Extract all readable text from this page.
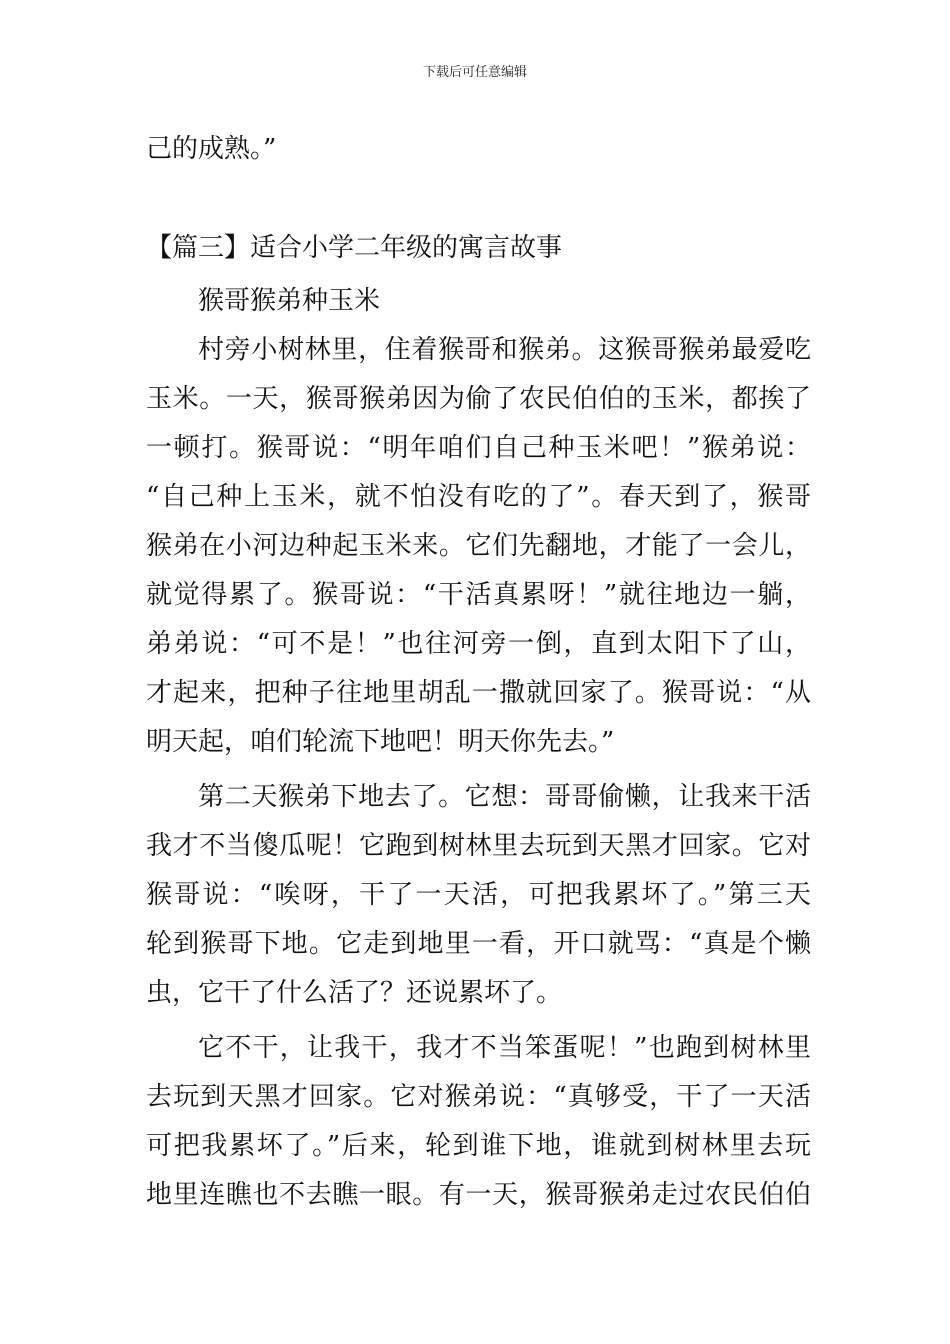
下载后可任意编辑
己的成熟。”
【篇三】适合小学二年级的寓言故事
猴哥猴弟种玉米
村旁小树林里，住着猴哥和猴弟。这猴哥猴弟最爱吃
玉米。一天，猴哥猴弟因为偷了农民伯伯的玉米，都挨了
一顿打。猴哥说：“明年咱们自己种玉米吧！”猴弟说：
“自己种上玉米，就不怕没有吃的了”。春天到了，猴哥
猴弟在小河边种起玉米来。它们先翻地，才能了一会儿，
就觉得累了。猴哥说：“干活真累呀！”就往地边一躺，
弟弟说：“可不是！”也往河旁一倒，直到太阳下了山，
才起来，把种子往地里胡乱一撒就回家了。猴哥说：“从
明天起，咱们轮流下地吧！明天你先去。”
第二天猴弟下地去了。它想：哥哥偷懒，让我来干活
我才不当傻瓜呢！它跑到树林里去玩到天黑才回家。它对
猴哥说：“唉呀，干了一天活，可把我累坏了。”第三天
轮到猴哥下地。它走到地里一看，开口就骂：“真是个懒
虫，它干了什么活了？还说累坏了。
它不干，让我干，我才不当笨蛋呢！”也跑到树林里
去玩到天黑才回家。它对猴弟说：“真够受，干了一天活
可把我累坏了。”后来，轮到谁下地，谁就到树林里去玩
地里连瞧也不去瞧一眼。有一天，猴哥猴弟走过农民伯伯
